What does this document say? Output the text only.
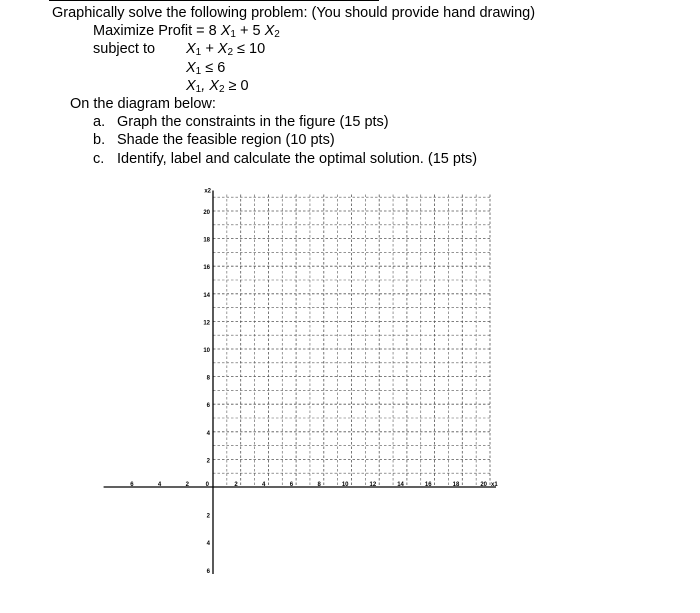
Graphically solve the following problem: (You should provide hand drawing)
Maximize Profit = 8 $X_1 + 5$ $X_2$
subject to $X_1 + X_2 \le 10$
$X_1 \le 6$
$X_1$, $X_2 \ge 0$
On the diagram below:
a. Graph the constraints in the figure (15 pts)
b. Shade the feasible region (10 pts)
c. Identify, label and calculate the optimal solution. (15 pts)
6	4	2	0	2	4	6	8	10	12	14	16	18	20
20
18
16
14
12
10
8
6
4
2
2
4
6
x1
x2
